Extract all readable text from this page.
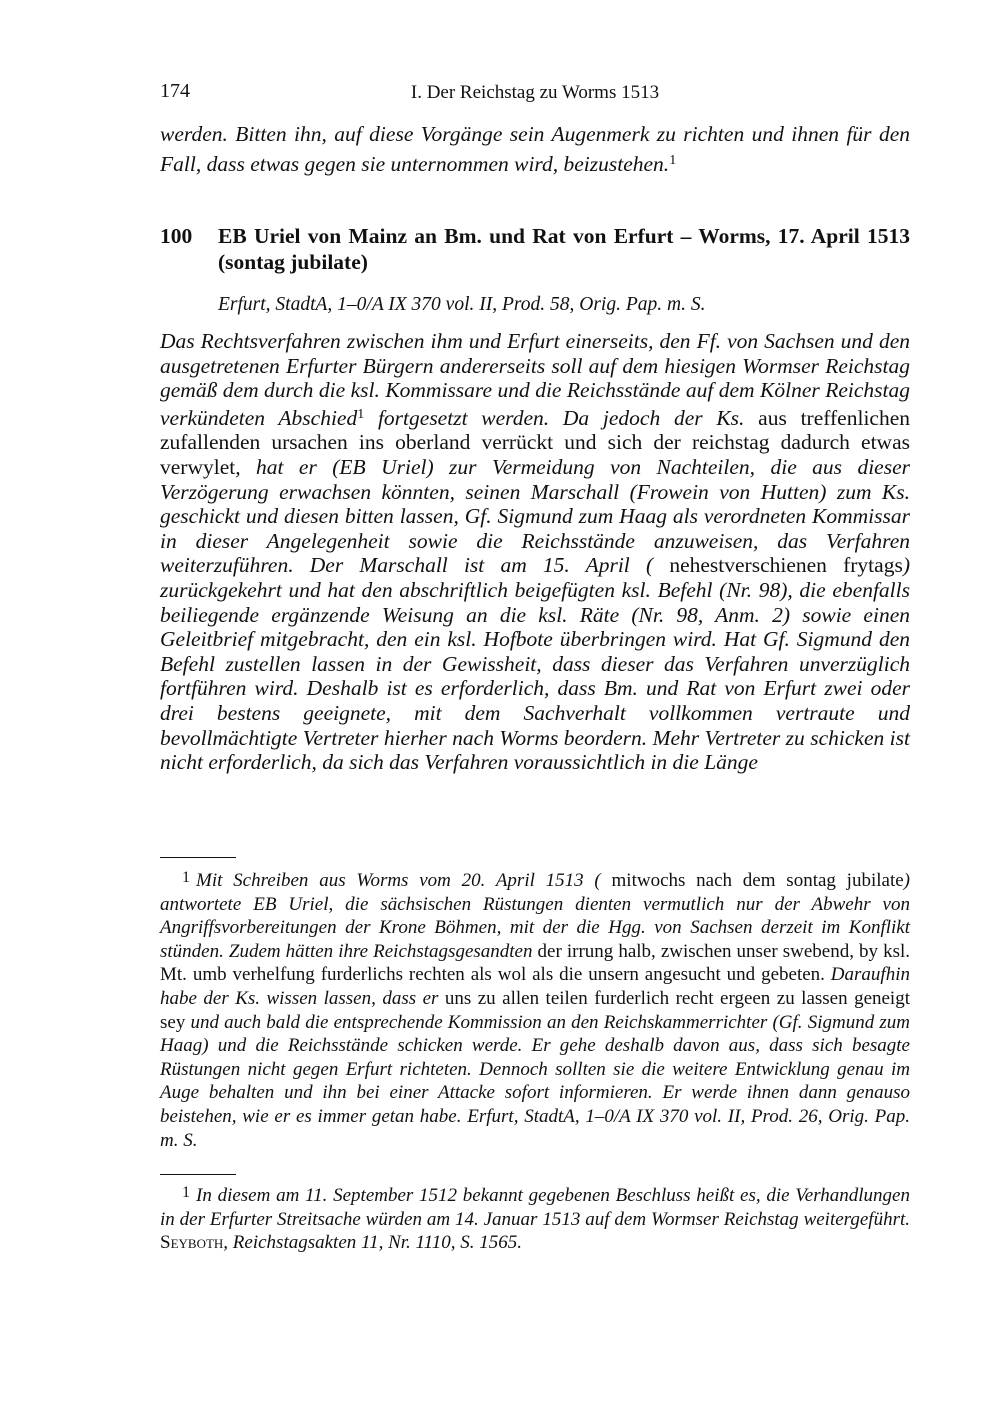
174	I. Der Reichstag zu Worms 1513
werden. Bitten ihn, auf diese Vorgänge sein Augenmerk zu richten und ihnen für den Fall, dass etwas gegen sie unternommen wird, beizustehen.$^1$
100 EB Uriel von Mainz an Bm. und Rat von Erfurt – Worms, 17. April 1513 (sontag jubilate)
Erfurt, StadtA, 1–0/A IX 370 vol. II, Prod. 58, Orig. Pap. m. S.

Das Rechtsverfahren zwischen ihm und Erfurt einerseits, den Ff. von Sachsen und den ausgetretenen Erfurter Bürgern andererseits soll auf dem hiesigen Wormser Reichstag gemäß dem durch die ksl. Kommissare und die Reichsstände auf dem Kölner Reichstag verkündeten Abschied$^1$ fortgesetzt werden. Da jedoch der Ks. aus treffenlichen zufallenden ursachen ins oberland verrückt und sich der reichstag dadurch etwas verwylet, hat er (EB Uriel) zur Vermeidung von Nachteilen, die aus dieser Verzögerung erwachsen könnten, seinen Marschall (Frowein von Hutten) zum Ks. geschickt und diesen bitten lassen, Gf. Sigmund zum Haag als verordneten Kommissar in dieser Angelegenheit sowie die Reichsstände anzuweisen, das Verfahren weiterzuführen. Der Marschall ist am 15. April ( nehestverschienen frytags) zurückgekehrt und hat den abschriftlich beigefügten ksl. Befehl (Nr. 98), die ebenfalls beiliegende ergänzende Weisung an die ksl. Räte (Nr. 98, Anm. 2) sowie einen Geleitbrief mitgebracht, den ein ksl. Hofbote überbringen wird. Hat Gf. Sigmund den Befehl zustellen lassen in der Gewissheit, dass dieser das Verfahren unverzüglich fortführen wird. Deshalb ist es erforderlich, dass Bm. und Rat von Erfurt zwei oder drei bestens geeignete, mit dem Sachverhalt vollkommen vertraute und bevollmächtigte Vertreter hierher nach Worms beordern. Mehr Vertreter zu schicken ist nicht erforderlich, da sich das Verfahren voraussichtlich in die Länge

$^1$ Mit Schreiben aus Worms vom 20. April 1513 ( mitwochs nach dem sontag jubilate) antwortete EB Uriel, die sächsischen Rüstungen dienten vermutlich nur der Abwehr von Angriffsvorbereitungen der Krone Böhmen, mit der die Hgg. von Sachsen derzeit im Konflikt stünden. Zudem hätten ihre Reichstagsgesandten der irrung halb, zwischen unser swebend, by ksl. Mt. umb verhelfung furderlichs rechten als wol als die unsern angesucht und gebeten. Daraufhin habe der Ks. wissen lassen, dass er uns zu allen teilen furderlich recht ergeen zu lassen geneigt sey und auch bald die entsprechende Kommission an den Reichskammerrichter (Gf. Sigmund zum Haag) und die Reichsstände schicken werde. Er gehe deshalb davon aus, dass sich besagte Rüstungen nicht gegen Erfurt richteten. Dennoch sollten sie die weitere Entwicklung genau im Auge behalten und ihn bei einer Attacke sofort informieren. Er werde ihnen dann genauso beistehen, wie er es immer getan habe. Erfurt, StadtA, 1–0/A IX 370 vol. II, Prod. 26, Orig. Pap. m. S.

$^1$ In diesem am 11. September 1512 bekannt gegebenen Beschluss heißt es, die Verhandlungen in der Erfurter Streitsache würden am 14. Januar 1513 auf dem Wormser Reichstag weitergeführt. Seyboth, Reichstagsakten 11, Nr. 1110, S. 1565.
